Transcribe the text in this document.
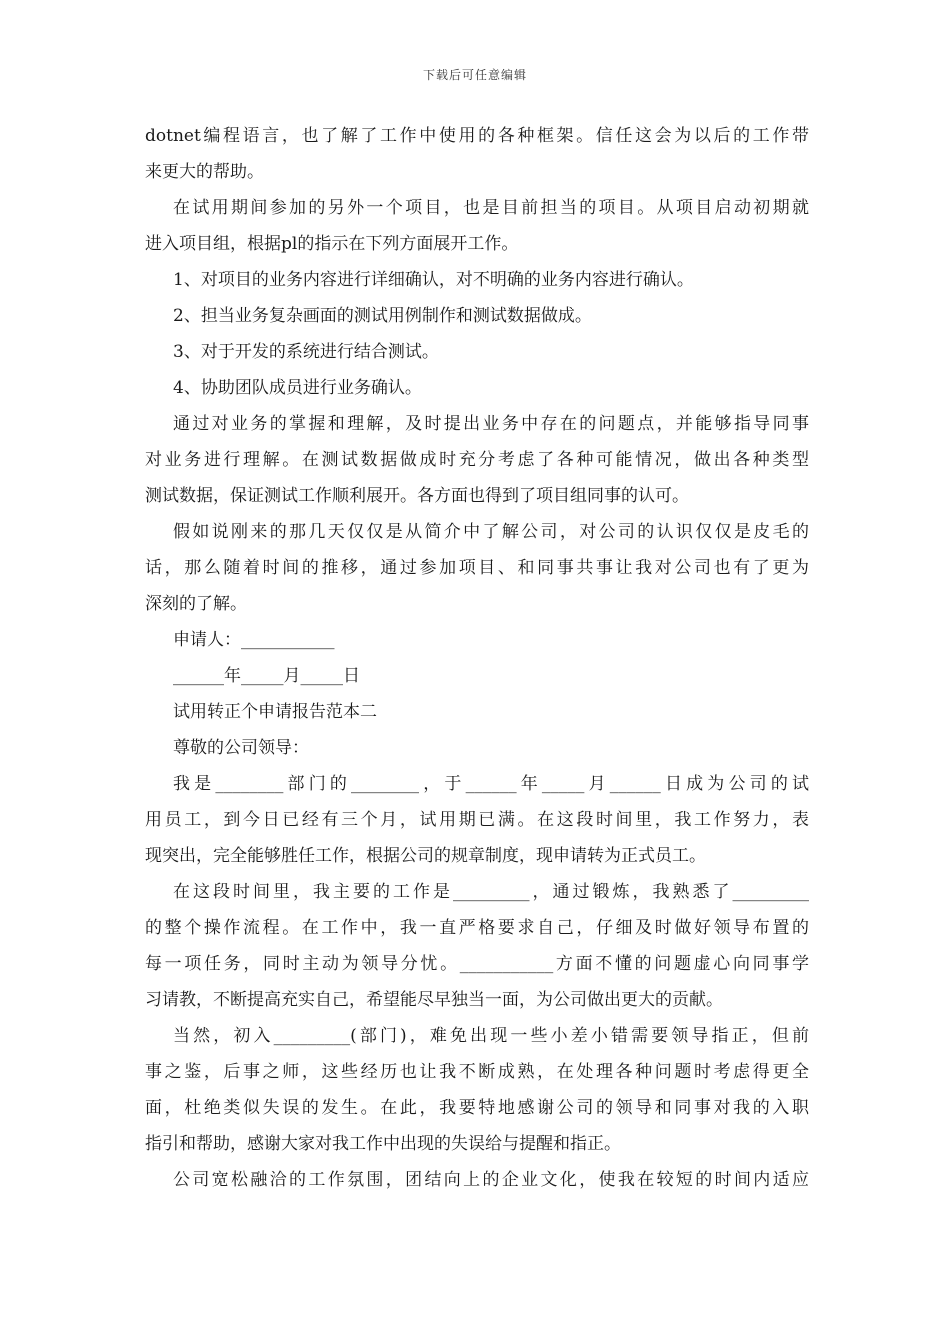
下载后可任意编辑
dotnet编程语言，也了解了工作中使用的各种框架。信任这会为以后的工作带
来更大的帮助。
在试用期间参加的另外一个项目，也是目前担当的项目。从项目启动初期就
进入项目组，根据pl的指示在下列方面展开工作。
1、对项目的业务内容进行详细确认，对不明确的业务内容进行确认。
2、担当业务复杂画面的测试用例制作和测试数据做成。
3、对于开发的系统进行结合测试。
4、协助团队成员进行业务确认。
通过对业务的掌握和理解，及时提出业务中存在的问题点，并能够指导同事
对业务进行理解。在测试数据做成时充分考虑了各种可能情况，做出各种类型
测试数据，保证测试工作顺利展开。各方面也得到了项目组同事的认可。
假如说刚来的那几天仅仅是从简介中了解公司，对公司的认识仅仅是皮毛的
话，那么随着时间的推移，通过参加项目、和同事共事让我对公司也有了更为
深刻的了解。
申请人：___________
______年_____月_____日
试用转正个申请报告范本二
尊敬的公司领导：
我是________部门的________，于______年_____月______日成为公司的试
用员工，到今日已经有三个月，试用期已满。在这段时间里，我工作努力，表
现突出，完全能够胜任工作，根据公司的规章制度，现申请转为正式员工。
在这段时间里，我主要的工作是_________，通过锻炼，我熟悉了_________
的整个操作流程。在工作中，我一直严格要求自己，仔细及时做好领导布置的
每一项任务，同时主动为领导分忧。___________方面不懂的问题虚心向同事学
习请教，不断提高充实自己，希望能尽早独当一面，为公司做出更大的贡献。
当然，初入_________(部门)，难免出现一些小差小错需要领导指正，但前
事之鉴，后事之师，这些经历也让我不断成熟，在处理各种问题时考虑得更全
面，杜绝类似失误的发生。在此，我要特地感谢公司的领导和同事对我的入职
指引和帮助，感谢大家对我工作中出现的失误给与提醒和指正。
公司宽松融洽的工作氛围，团结向上的企业文化，使我在较短的时间内适应
